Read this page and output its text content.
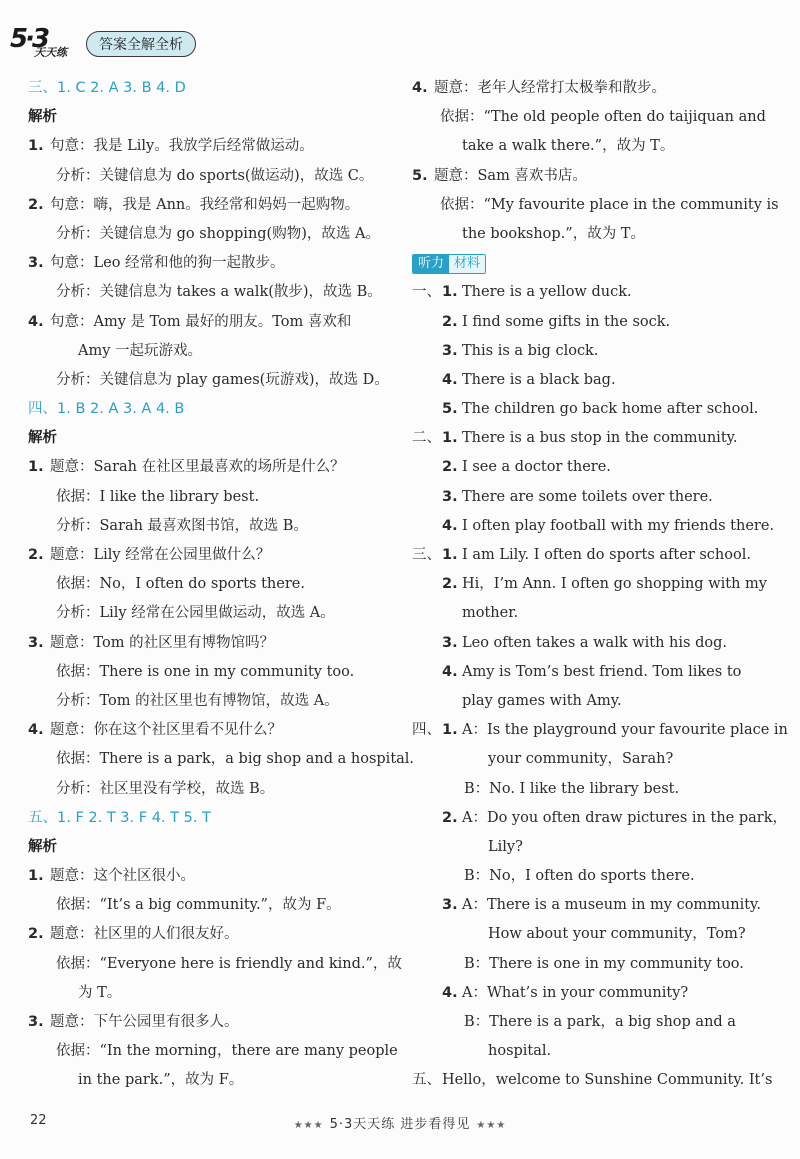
5·3
天天练	答案全解全析
三、1. C 2. A 3. B 4. D
解析
1. 句意：我是 Lily。我放学后经常做运动。
分析：关键信息为 do sports(做运动)，故选 C。
2. 句意：嗨，我是 Ann。我经常和妈妈一起购物。
分析：关键信息为 go shopping(购物)，故选 A。
3. 句意：Leo 经常和他的狗一起散步。
分析：关键信息为 takes a walk(散步)，故选 B。
4. 句意：Amy 是 Tom 最好的朋友。Tom 喜欢和
Amy 一起玩游戏。
分析：关键信息为 play games(玩游戏)，故选 D。
四、1. B 2. A 3. A 4. B
解析
1. 题意：Sarah 在社区里最喜欢的场所是什么？
依据：I like the library best.
分析：Sarah 最喜欢图书馆，故选 B。
2. 题意：Lily 经常在公园里做什么？
依据：No，I often do sports there.
分析：Lily 经常在公园里做运动，故选 A。
3. 题意：Tom 的社区里有博物馆吗？
依据：There is one in my community too.
分析：Tom 的社区里也有博物馆，故选 A。
4. 题意：你在这个社区里看不见什么？
依据：There is a park，a big shop and a hospital.
分析：社区里没有学校，故选 B。
五、1. F 2. T 3. F 4. T 5. T
解析
1. 题意：这个社区很小。
依据：“It’s a big community.”，故为 F。
2. 题意：社区里的人们很友好。
依据：“Everyone here is friendly and kind.”，故
为 T。
3. 题意：下午公园里有很多人。
依据：“In the morning，there are many people
in the park.”，故为 F。
4. 题意：老年人经常打太极拳和散步。
依据：“The old people often do taijiquan and
take a walk there.”，故为 T。
5. 题意：Sam 喜欢书店。
依据：“My favourite place in the community is
the bookshop.”，故为 T。
听力 材料
一、1. There is a yellow duck.
2. I find some gifts in the sock.
3. This is a big clock.
4. There is a black bag.
5. The children go back home after school.
二、1. There is a bus stop in the community.
2. I see a doctor there.
3. There are some toilets over there.
4. I often play football with my friends there.
三、1. I am Lily. I often do sports after school.
2. Hi，I’m Ann. I often go shopping with my
mother.
3. Leo often takes a walk with his dog.
4. Amy is Tom’s best friend. Tom likes to
play games with Amy.
四、1. A：Is the playground your favourite place in
your community，Sarah?
B：No. I like the library best.
2. A：Do you often draw pictures in the park，
Lily?
B：No，I often do sports there.
3. A：There is a museum in my community.
How about your community，Tom?
B：There is one in my community too.
4. A：What’s in your community?
B：There is a park，a big shop and a
hospital.
五、Hello，welcome to Sunshine Community. It’s
22	★★★ 5·3天天练 进步看得见 ★★★
